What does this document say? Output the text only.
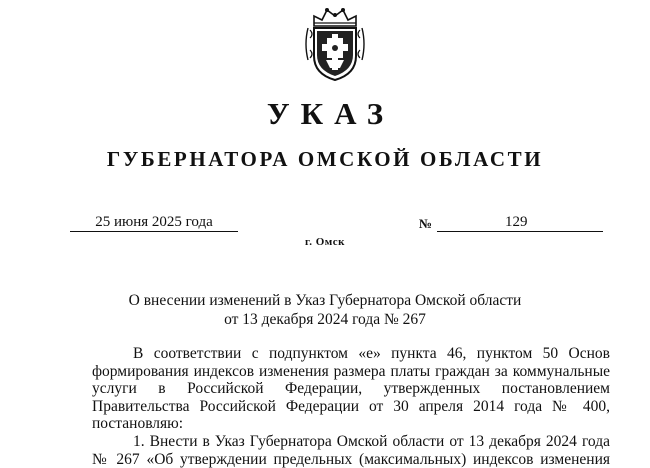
УКАЗ
ГУБЕРНАТОРА ОМСКОЙ ОБЛАСТИ
25 июня 2025 года	№	129
г. Омск
О внесении изменений в Указ Губернатора Омской области
от 13 декабря 2024 года № 267
В соответствии с подпунктом «е» пункта 46, пунктом 50 Основ
формирования индексов изменения размера платы граждан за коммунальные
услуги в Российской Федерации, утвержденных постановлением
Правительства Российской Федерации от 30 апреля 2014 года № 400,
постановляю:
1. Внести в Указ Губернатора Омской области от 13 декабря 2024 года
№ 267 «Об утверждении предельных (максимальных) индексов изменения
